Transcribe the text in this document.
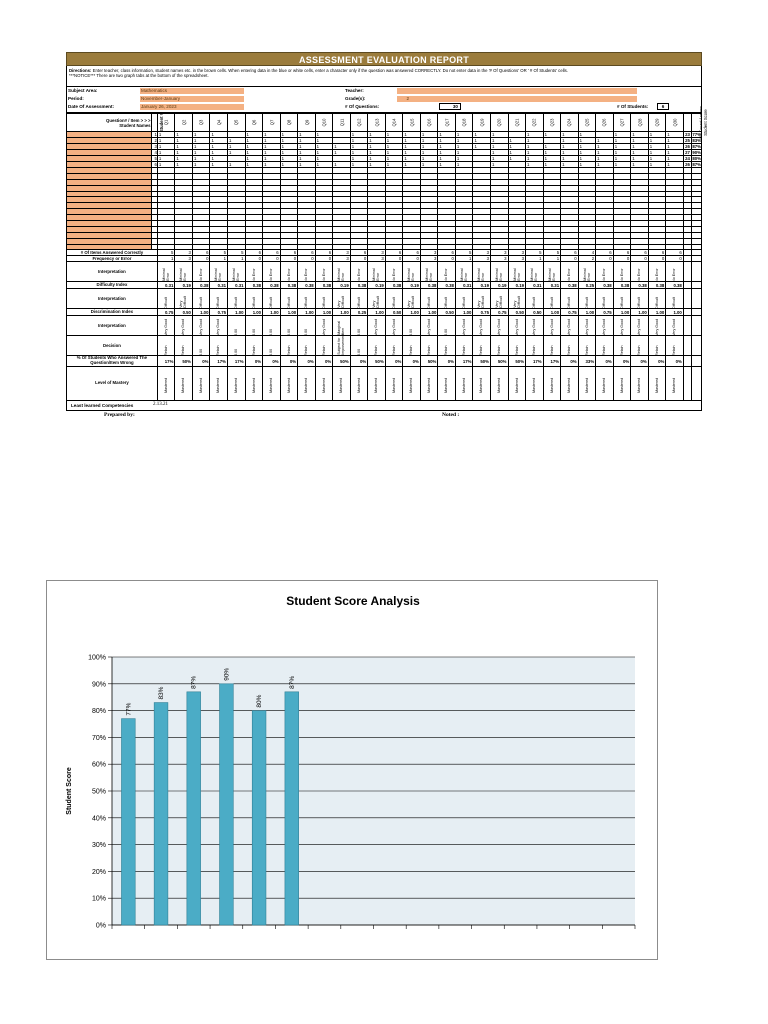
ASSESSMENT EVALUATION REPORT
Directions: Enter teacher, class information, student names etc. in the brown cells. When entering data in the blue or white cells, enter a character only if the question was answered CORRECTLY. Do not enter data in the '# Of Questions' OR ' # Of Students' cells.
***NOTICE*** There are two graph tabs at the bottom of the spreadsheet.
Subject Area:	Mathematics
Period:	November-January
Date Of Assessment:	January 26, 2023
Teacher:
Grade(s):	2
# Of Questions:	30	# Of Students:	6
Question# / Item > > >
Student Names	Student #	Q1	Q2	Q3	Q4	Q5	Q6	Q7	Q8	Q9	Q10	Q11	Q12	Q13	Q14	Q15	Q16	Q17	Q18	Q19	Q20	Q21	Q22	Q23	Q24	Q25	Q26	Q27	Q28	Q29	Q30	# Of Correct Answers	Student Score
	1	1	1	1	1		1	1	1	1	1		1	1	1	1	1	1	1	1	1		1	1	1	1		1	1	1	1	23	77%
	2	1	1	1	1	1	1	1	1	1	1		1	1	1	1	1	1	1	1	1	1	1		1	1	1	1	1	1	1	25	83%
	3	1	1	1	1	1	1	1	1	1	1	1	1	1	1	1	1	1	1	1	1	1	1	1	1	1	1	1	1	1	1	26	87%
	4	1	1	1	1	1	1	1	1	1	1	1	1	1	1	1	1	1	1		1	1	1	1	1	1	1	1	1	1	1	27	90%
	5	1	1	1	1		1	1	1	1	1		1	1	1	1	1	1	1		1	1	1	1	1	1	1	1	1	1	1	24	80%
	6	1	1	1	1	1	1	1	1	1	1	1	1	1	1	1	1	1	1		1		1	1	1	1	1	1	1	1	1	26	87%

# Of Items Answered Correctly		5	3	6	5	5	6	6	6	6	6	3	6	3	6	6	3	6	5	3	3	3	5	5	6	4	6	6	6	6	6		
Frequency or Error		1	3	0	1	1	0	0	0	0	0	3	0	3	0	0	3	0	1	3	3	3	1	1	0	2	0	0	0	0	0		
Interpretation		Minimal Error	Minimal Error	No Error	Minimal Error	Minimal Error	No Error	No Error	No Error	No Error	No Error	Minimal Error	No Error	Minimal Error	No Error	Minimal Error	Minimal Error	No Error	Minimal Error	Minimal Error	Minimal Error	Minimal Error	Minimal Error	Minimal Error	No Error	Minimal Error	No Error	No Error	No Error	No Error	No Error		
Difficulty Index		0.31	0.19	0.38	0.31	0.31	0.38	0.38	0.38	0.38	0.38	0.19	0.38	0.19	0.38	0.19	0.38	0.38	0.31	0.19	0.19	0.19	0.31	0.31	0.38	0.25	0.38	0.38	0.38	0.38	0.38		
Interpretation		Difficult	Very Difficult	Difficult	Difficult	Difficult	Difficult	Difficult	Difficult	Difficult	Difficult	Very Difficult	Difficult	Very Difficult	Difficult	Very Difficult	Difficult	Difficult	Difficult	Very Difficult	Very Difficult	Very Difficult	Difficult	Difficult	Difficult	Difficult	Difficult	Difficult	Difficult	Difficult	Difficult		
Discrimination Index		0.75	0.50	1.00	0.75	1.00	1.00	1.00	1.00	1.00	1.00	1.00	0.25	1.00	0.50	1.00	1.00	0.50	1.00	0.75	0.75	0.50	0.50	1.00	0.75	1.00	0.75	1.00	1.00	1.00	1.00		
Interpretation		Very Good	Very Good	Very Good	Very Good	0.00	0.00	0.00	0.00	0.00	Very Good	Marginal Item	0.00	Very Good	Very Good	0.00	Very Good	0.00	Very Good	Very Good	Very Good	Very Good	Very Good	Very Good	Very Good	Very Good	Very Good	Very Good	Very Good	Very Good	Very Good		
Decision		Retain	Retain	0.00	Retain	0.00	Retain	0.00	Retain	Retain	Retain	Subject for Improvement	0.00	Retain	Retain	Retain	Retain	Retain	Retain	Retain	Retain	Retain	Retain	Retain	Retain	Retain	Retain	Retain	Retain	Retain	Retain		
% Of Students Who Answered The Question/Item Wrong		17%	50%	0%	17%	17%	0%	0%	0%	0%	0%	50%	0%	50%	0%	0%	50%	0%	17%	50%	50%	50%	17%	17%	0%	33%	0%	0%	0%	0%	0%		
Level of Mastery		Mastered	Mastered	Mastered	Mastered	Mastered	Mastered	Mastered	Mastered	Mastered	Mastered	Mastered	Mastered	Mastered	Mastered	Mastered	Mastered	Mastered	Mastered	Mastered	Mastered	Mastered	Mastered	Mastered	Mastered	Mastered	Mastered	Mastered	Mastered	Mastered	Mastered		
Least learned Competencies	2.13.21
Prepared by:	Noted :
Student Score Analysis
Student Score
0%
10%
20%
30%
40%
50%
60%
70%
80%
90%
100%
77%
83%
87%
90%
80%
87%
